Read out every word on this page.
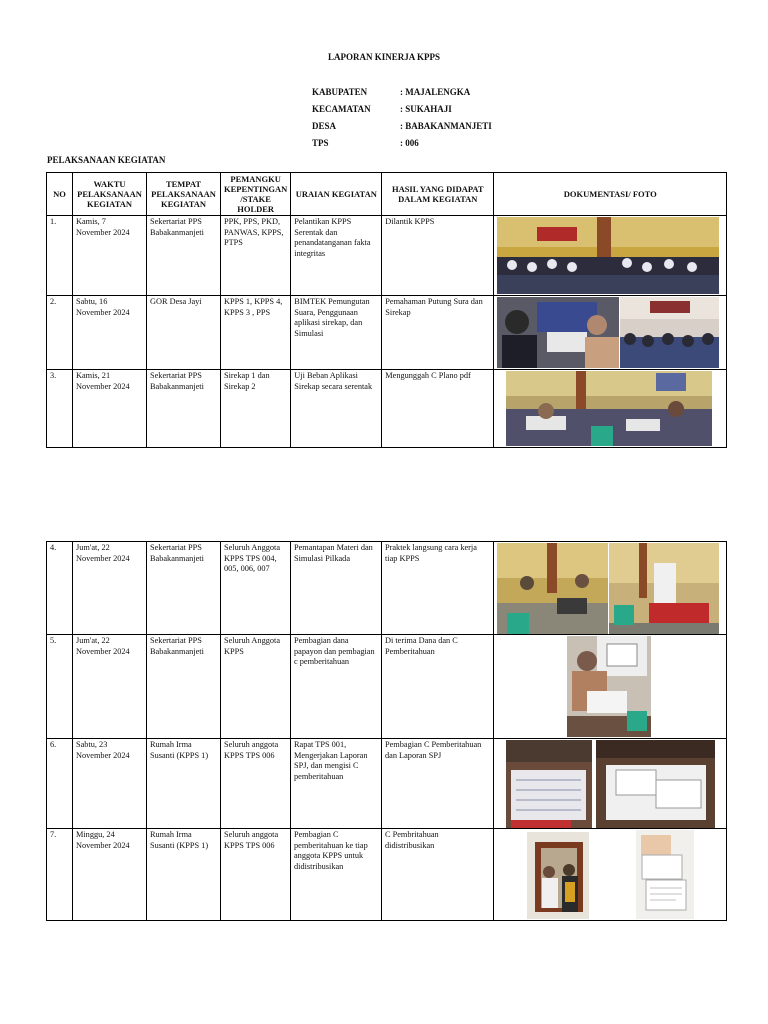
LAPORAN KINERJA KPPS
KABUPATEN	: MAJALENGKA
KECAMATAN	: SUKAHAJI
DESA	: BABAKANMANJETI
TPS	: 006
PELAKSANAAN KEGIATAN
NO	WAKTU PELAKSANAAN KEGIATAN	TEMPAT PELAKSANAAN KEGIATAN	PEMANGKU KEPENTINGAN /STAKE HOLDER	URAIAN KEGIATAN	HASIL YANG DIDAPAT DALAM KEGIATAN	DOKUMENTASI/ FOTO
1.	Kamis, 7 November 2024	Sekertariat PPS Babakanmanjeti	PPK, PPS, PKD, PANWAS, KPPS, PTPS	Pelantikan KPPS Serentak dan penandatanganan fakta integritas	Dilantik KPPS	

2.	Sabtu, 16 November 2024	GOR Desa Jayi	KPPS 1, KPPS 4, KPPS 3 , PPS	BIMTEK Pemungutan Suara, Penggunaan aplikasi sirekap, dan Simulasi	Pemahaman Putung Sura dan Sirekap	

3.	Kamis, 21 November 2024	Sekertariat PPS Babakanmanjeti	Sirekap 1 dan Sirekap 2	Uji Beban Aplikasi Sirekap secara serentak	Mengunggah C Plano pdf	
4.	Jum'at, 22 November 2024	Sekertariat PPS Babakanmanjeti	Seluruh Anggota KPPS TPS 004, 005, 006, 007	Pemantapan Materi dan Simulasi Pilkada	Praktek langsung cara kerja tiap KPPS	

5.	Jum'at, 22 November 2024	Sekertariat PPS Babakanmanjeti	Seluruh Anggota KPPS	Pembagian dana papayon dan pembagian c pemberitahuan	Di terima Dana dan C Pemberitahuan	

6.	Sabtu, 23 November 2024	Rumah Irma Susanti (KPPS 1)	Seluruh anggota KPPS TPS 006	Rapat TPS 001, Mengerjakan Laporan SPJ, dan mengisi C pemberitahuan	Pembagian C Pemberitahuan dan Laporan SPJ	

7.	Minggu, 24 November 2024	Rumah Irma Susanti (KPPS 1)	Seluruh anggota KPPS TPS 006	Pembagian C pemberitahuan ke tiap anggota KPPS untuk didistribusikan	C Pembritahuan didistribusikan	
